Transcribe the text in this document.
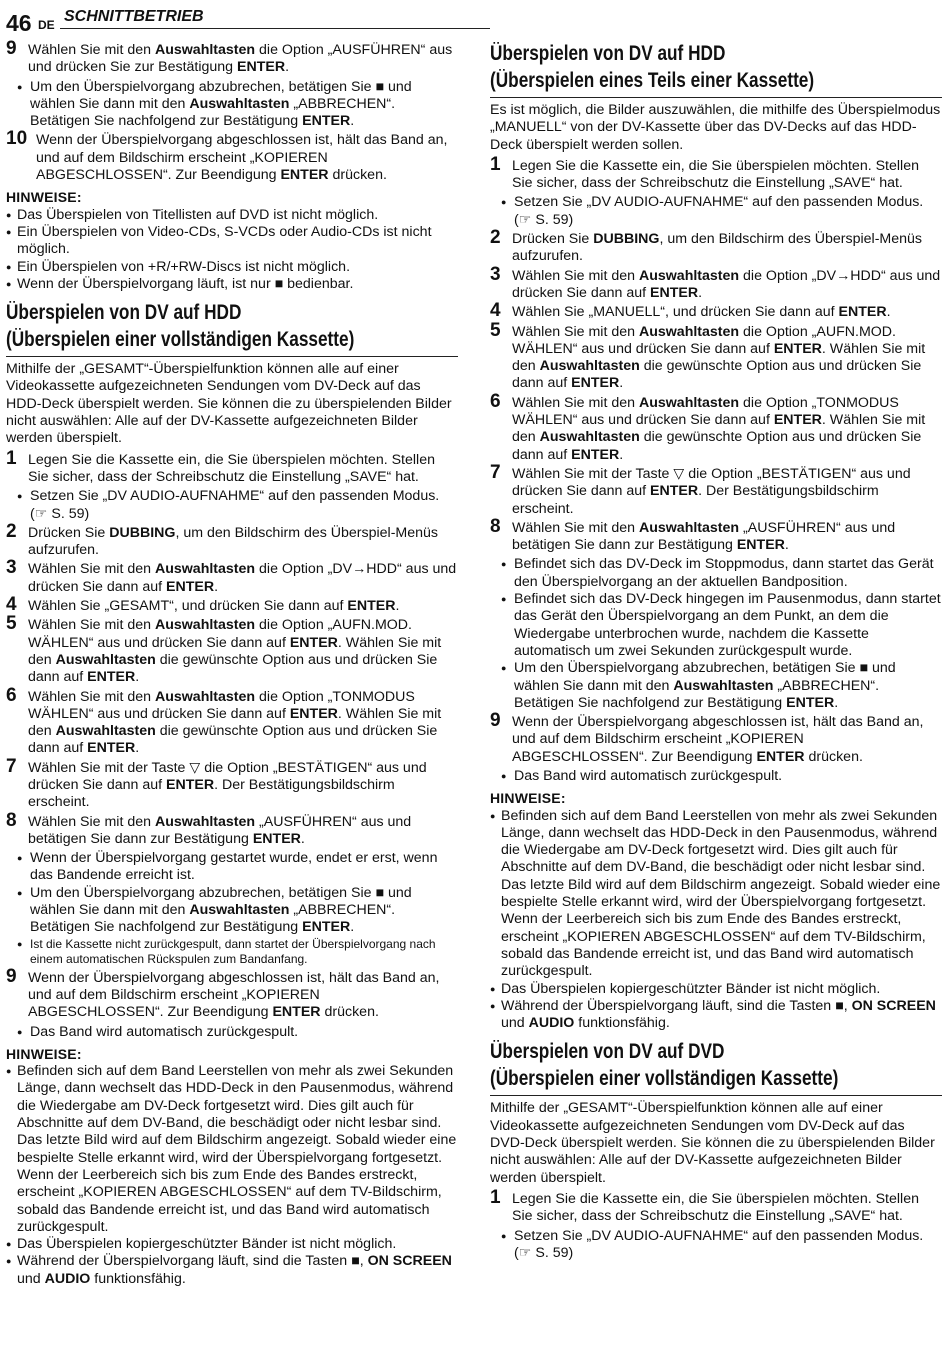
46 DE SCHNITTBETRIEB
9 Wählen Sie mit den Auswahltasten die Option „AUSFÜHREN“ aus und drücken Sie zur Bestätigung ENTER.
● Um den Überspielvorgang abzubrechen, betätigen Sie ■ und wählen Sie dann mit den Auswahltasten „ABBRECHEN“. Betätigen Sie nachfolgend zur Bestätigung ENTER.
10 Wenn der Überspielvorgang abgeschlossen ist, hält das Band an, und auf dem Bildschirm erscheint „KOPIEREN ABGESCHLOSSEN“. Zur Beendigung ENTER drücken.
HINWEISE:
● Das Überspielen von Titellisten auf DVD ist nicht möglich.
● Ein Überspielen von Video-CDs, S-VCDs oder Audio-CDs ist nicht möglich.
● Ein Überspielen von +R/+RW-Discs ist nicht möglich.
● Wenn der Überspielvorgang läuft, ist nur ■ bedienbar.
Überspielen von DV auf HDD
(Überspielen einer vollständigen Kassette)
Mithilfe der „GESAMT“-Überspielfunktion können alle auf einer Videokassette aufgezeichneten Sendungen vom DV-Deck auf das HDD-Deck überspielt werden. Sie können die zu überspielenden Bilder nicht auswählen: Alle auf der DV-Kassette aufgezeichneten Bilder werden überspielt.
1 Legen Sie die Kassette ein, die Sie überspielen möchten. Stellen Sie sicher, dass der Schreibschutz die Einstellung „SAVE“ hat.
● Setzen Sie „DV AUDIO-AUFNAHME“ auf den passenden Modus. (☞ S. 59)
2 Drücken Sie DUBBING, um den Bildschirm des Überspiel-Menüs aufzurufen.
3 Wählen Sie mit den Auswahltasten die Option „DV→HDD“ aus und drücken Sie dann auf ENTER.
4 Wählen Sie „GESAMT“, und drücken Sie dann auf ENTER.
5 Wählen Sie mit den Auswahltasten die Option „AUFN.MOD. WÄHLEN“ aus und drücken Sie dann auf ENTER. Wählen Sie mit den Auswahltasten die gewünschte Option aus und drücken Sie dann auf ENTER.
6 Wählen Sie mit den Auswahltasten die Option „TONMODUS WÄHLEN“ aus und drücken Sie dann auf ENTER. Wählen Sie mit den Auswahltasten die gewünschte Option aus und drücken Sie dann auf ENTER.
7 Wählen Sie mit der Taste ▽ die Option „BESTÄTIGEN“ aus und drücken Sie dann auf ENTER. Der Bestätigungsbildschirm erscheint.
8 Wählen Sie mit den Auswahltasten „AUSFÜHREN“ aus und betätigen Sie dann zur Bestätigung ENTER.
● Wenn der Überspielvorgang gestartet wurde, endet er erst, wenn das Bandende erreicht ist.
● Um den Überspielvorgang abzubrechen, betätigen Sie ■ und wählen Sie dann mit den Auswahltasten „ABBRECHEN“. Betätigen Sie nachfolgend zur Bestätigung ENTER.
● Ist die Kassette nicht zurückgespult, dann startet der Überspielvorgang nach einem automatischen Rückspulen zum Bandanfang.
9 Wenn der Überspielvorgang abgeschlossen ist, hält das Band an, und auf dem Bildschirm erscheint „KOPIEREN ABGESCHLOSSEN“. Zur Beendigung ENTER drücken.
● Das Band wird automatisch zurückgespult.
HINWEISE:
● Befinden sich auf dem Band Leerstellen von mehr als zwei Sekunden Länge, dann wechselt das HDD-Deck in den Pausenmodus, während die Wiedergabe am DV-Deck fortgesetzt wird. Dies gilt auch für Abschnitte auf dem DV-Band, die beschädigt oder nicht lesbar sind. Das letzte Bild wird auf dem Bildschirm angezeigt. Sobald wieder eine bespielte Stelle erkannt wird, wird der Überspielvorgang fortgesetzt. Wenn der Leerbereich sich bis zum Ende des Bandes erstreckt, erscheint „KOPIEREN ABGESCHLOSSEN“ auf dem TV-Bildschirm, sobald das Bandende erreicht ist, und das Band wird automatisch zurückgespult.
● Das Überspielen kopiergeschützter Bänder ist nicht möglich.
● Während der Überspielvorgang läuft, sind die Tasten ■, ON SCREEN und AUDIO funktionsfähig.
Überspielen von DV auf HDD
(Überspielen eines Teils einer Kassette)
Es ist möglich, die Bilder auszuwählen, die mithilfe des Überspielmodus „MANUELL“ von der DV-Kassette über das DV-Decks auf das HDD-Deck überspielt werden sollen.
1 Legen Sie die Kassette ein, die Sie überspielen möchten. Stellen Sie sicher, dass der Schreibschutz die Einstellung „SAVE“ hat.
● Setzen Sie „DV AUDIO-AUFNAHME“ auf den passenden Modus. (☞ S. 59)
2 Drücken Sie DUBBING, um den Bildschirm des Überspiel-Menüs aufzurufen.
3 Wählen Sie mit den Auswahltasten die Option „DV→HDD“ aus und drücken Sie dann auf ENTER.
4 Wählen Sie „MANUELL“, und drücken Sie dann auf ENTER.
5 Wählen Sie mit den Auswahltasten die Option „AUFN.MOD. WÄHLEN“ aus und drücken Sie dann auf ENTER. Wählen Sie mit den Auswahltasten die gewünschte Option aus und drücken Sie dann auf ENTER.
6 Wählen Sie mit den Auswahltasten die Option „TONMODUS WÄHLEN“ aus und drücken Sie dann auf ENTER. Wählen Sie mit den Auswahltasten die gewünschte Option aus und drücken Sie dann auf ENTER.
7 Wählen Sie mit der Taste ▽ die Option „BESTÄTIGEN“ aus und drücken Sie dann auf ENTER. Der Bestätigungsbildschirm erscheint.
8 Wählen Sie mit den Auswahltasten „AUSFÜHREN“ aus und betätigen Sie dann zur Bestätigung ENTER.
● Befindet sich das DV-Deck im Stoppmodus, dann startet das Gerät den Überspielvorgang an der aktuellen Bandposition.
● Befindet sich das DV-Deck hingegen im Pausenmodus, dann startet das Gerät den Überspielvorgang an dem Punkt, an dem die Wiedergabe unterbrochen wurde, nachdem die Kassette automatisch um zwei Sekunden zurückgespult wurde.
● Um den Überspielvorgang abzubrechen, betätigen Sie ■ und wählen Sie dann mit den Auswahltasten „ABBRECHEN“. Betätigen Sie nachfolgend zur Bestätigung ENTER.
9 Wenn der Überspielvorgang abgeschlossen ist, hält das Band an, und auf dem Bildschirm erscheint „KOPIEREN ABGESCHLOSSEN“. Zur Beendigung ENTER drücken.
● Das Band wird automatisch zurückgespult.
HINWEISE:
● Befinden sich auf dem Band Leerstellen von mehr als zwei Sekunden Länge, dann wechselt das HDD-Deck in den Pausenmodus, während die Wiedergabe am DV-Deck fortgesetzt wird. Dies gilt auch für Abschnitte auf dem DV-Band, die beschädigt oder nicht lesbar sind. Das letzte Bild wird auf dem Bildschirm angezeigt. Sobald wieder eine bespielte Stelle erkannt wird, wird der Überspielvorgang fortgesetzt. Wenn der Leerbereich sich bis zum Ende des Bandes erstreckt, erscheint „KOPIEREN ABGESCHLOSSEN“ auf dem TV-Bildschirm, sobald das Bandende erreicht ist, und das Band wird automatisch zurückgespult.
● Das Überspielen kopiergeschützter Bänder ist nicht möglich.
● Während der Überspielvorgang läuft, sind die Tasten ■, ON SCREEN und AUDIO funktionsfähig.
Überspielen von DV auf DVD
(Überspielen einer vollständigen Kassette)
Mithilfe der „GESAMT“-Überspielfunktion können alle auf einer Videokassette aufgezeichneten Sendungen vom DV-Deck auf das DVD-Deck überspielt werden. Sie können die zu überspielenden Bilder nicht auswählen: Alle auf der DV-Kassette aufgezeichneten Bilder werden überspielt.
1 Legen Sie die Kassette ein, die Sie überspielen möchten. Stellen Sie sicher, dass der Schreibschutz die Einstellung „SAVE“ hat.
● Setzen Sie „DV AUDIO-AUFNAHME“ auf den passenden Modus. (☞ S. 59)
